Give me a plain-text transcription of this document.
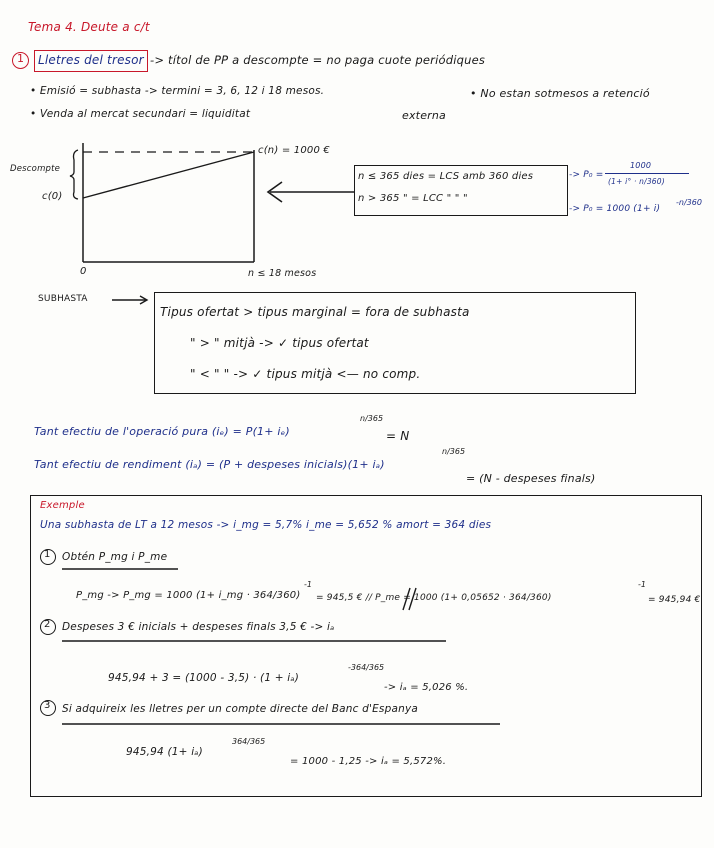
Tema 4. Deute a c/t
1 Lletres del tresor -> títol de PP a descompte = no paga cuote periódiques
• Emisió = subhasta -> termini = 3, 6, 12 i 18 mesos.	• No estan sotmesos a retenció
• Venda al mercat secundari = liquiditat	externa
Descompte
c(0)
c(n) = 1000 €
0	n ≤ 18 mesos
n ≤ 365 dies = LCS amb 360 dies
n > 365 " = LCC " " "
-> P₀ =
1000
(1+ i° · n/360)
-> P₀ = 1000 (1+ i)
-n/360
SUBHASTA
Tipus ofertat > tipus marginal = fora de subhasta
" > " mitjà -> ✓ tipus ofertat
" < " " -> ✓ tipus mitjà <— no comp.
Tant efectiu de l'operació pura (iₑ) = P(1+ iₑ)
n/365
= N
Tant efectiu de rendiment (iₐ) = (P + despeses inicials)(1+ iₐ)
n/365
= (N - despeses finals)
Exemple
Una subhasta de LT a 12 mesos -> i_mg = 5,7% i_me = 5,652 % amort = 364 dies
1 Obtén P_mg i P_me
P_mg -> P_mg = 1000 (1+ i_mg · 364/360)
-1
= 945,5 € // P_me = 1000 (1+ 0,05652 · 364/360)
-1
= 945,94 €
2 Despeses 3 € inicials + despeses finals 3,5 € -> iₐ
945,94 + 3 = (1000 - 3,5) · (1 + iₐ)
-364/365
-> iₐ = 5,026 %.
3 Si adquireix les lletres per un compte directe del Banc d'Espanya
945,94 (1+ iₐ)
364/365
= 1000 - 1,25 -> iₐ = 5,572%.
